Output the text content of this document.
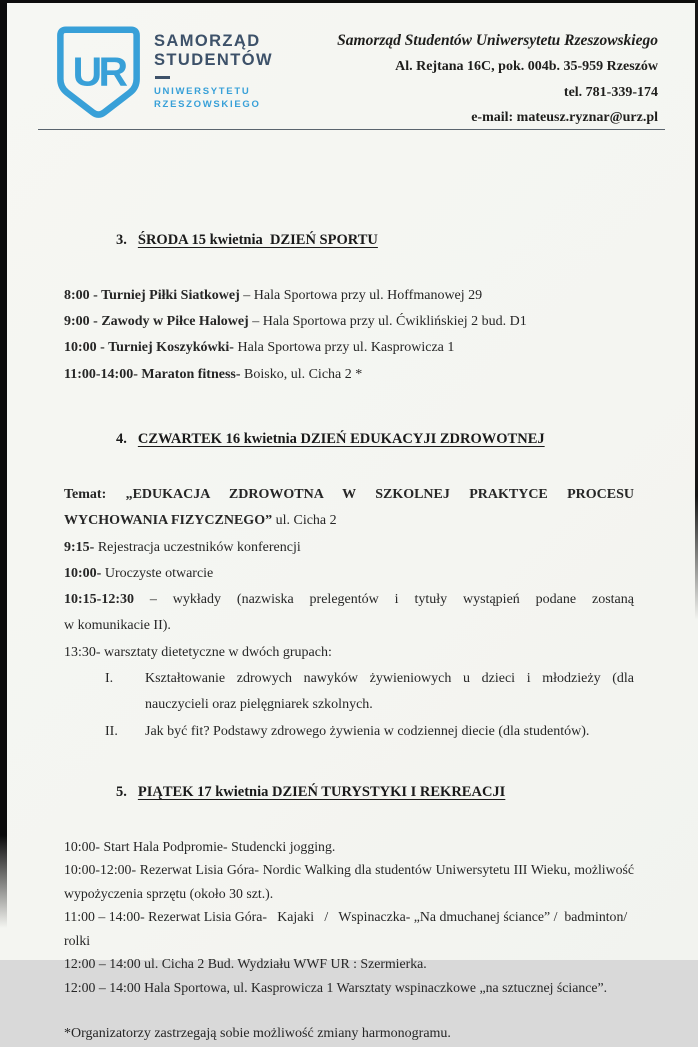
UR
SAMORZĄD
STUDENTÓW
UNIWERSYTETU
RZESZOWSKIEGO
Samorząd Studentów Uniwersytetu Rzeszowskiego
Al. Rejtana 16C, pok. 004b. 35-959 Rzeszów
tel. 781-339-174
e-mail: mateusz.ryznar@urz.pl

3. ŚRODA 15 kwietnia  DZIEŃ SPORTU

8:00 - Turniej Piłki Siatkowej – Hala Sportowa przy ul. Hoffmanowej 29
9:00 - Zawody w Piłce Halowej – Hala Sportowa przy ul. Ćwiklińskiej 2 bud. D1
10:00 - Turniej Koszykówki- Hala Sportowa przy ul. Kasprowicza 1
11:00-14:00- Maraton fitness- Boisko, ul. Cicha 2 *

4. CZWARTEK 16 kwietnia DZIEŃ EDUKACYJI ZDROWOTNEJ

Temat: „EDUKACJA ZDROWOTNA W SZKOLNEJ PRAKTYCE PROCESU
WYCHOWANIA FIZYCZNEGO” ul. Cicha 2
9:15- Rejestracja uczestników konferencji
10:00- Uroczyste otwarcie
10:15-12:30 – wykłady (nazwiska prelegentów i tytuły wystąpień podane zostaną
w komunikacie II).
13:30- warsztaty dietetyczne w dwóch grupach:
I. Kształtowanie zdrowych nawyków żywieniowych u dzieci i młodzieży (dla
nauczycieli oraz pielęgniarek szkolnych.
II. Jak być fit? Podstawy zdrowego żywienia w codziennej diecie (dla studentów).

5. PIĄTEK 17 kwietnia DZIEŃ TURYSTYKI I REKREACJI

10:00- Start Hala Podpromie- Studencki jogging.
10:00-12:00- Rezerwat Lisia Góra- Nordic Walking dla studentów Uniwersytetu III Wieku, możliwość
wypożyczenia sprzętu (około 30 szt.).
11:00 – 14:00- Rezerwat Lisia Góra-   Kajaki   /   Wspinaczka- „Na dmuchanej ściance” /  badminton/ rolki
12:00 – 14:00 ul. Cicha 2 Bud. Wydziału WWF UR : Szermierka.
12:00 – 14:00 Hala Sportowa, ul. Kasprowicza 1 Warsztaty wspinaczkowe „na sztucznej ściance”.
*Organizatorzy zastrzegają sobie możliwość zmiany harmonogramu.
